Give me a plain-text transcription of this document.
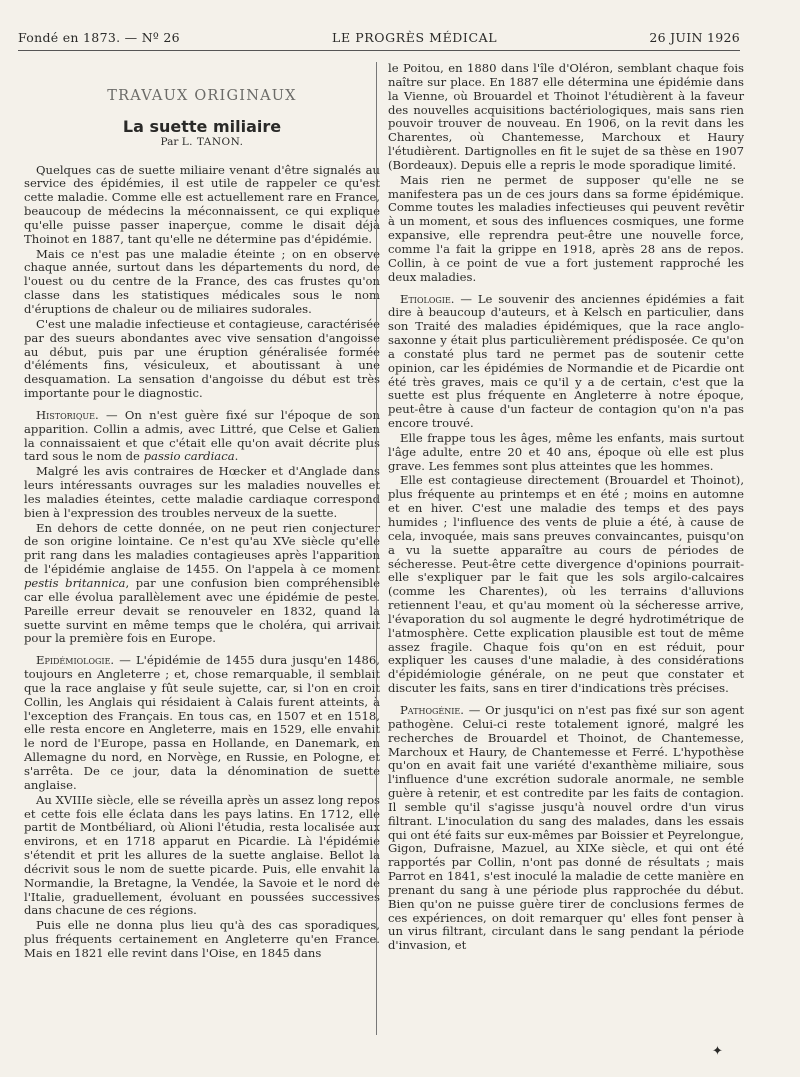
Fondé en 1873. — Nº 26	LE PROGRÈS MÉDICAL	26 JUIN 1926
TRAVAUX ORIGINAUX
La suette miliaire
Par L. TANON.

Quelques cas de suette miliaire venant d'être signalés au service des épidémies, il est utile de rappeler ce qu'est cette maladie. Comme elle est actuellement rare en France, beaucoup de médecins la méconnaissent, ce qui explique qu'elle puisse passer inaperçue, comme le disait déjà Thoinot en 1887, tant qu'elle ne détermine pas d'épidémie.

Mais ce n'est pas une maladie éteinte ; on en observe chaque année, surtout dans les départements du nord, de l'ouest ou du centre de la France, des cas frustes qu'on classe dans les statistiques médicales sous le nom d'éruptions de chaleur ou de miliaires sudorales.

C'est une maladie infectieuse et contagieuse, caractérisée par des sueurs abondantes avec vive sensation d'angoisse au début, puis par une éruption généralisée formée d'éléments fins, vésiculeux, et aboutissant à une desquamation. La sensation d'angoisse du début est très importante pour le diagnostic.

Historique. — On n'est guère fixé sur l'époque de son apparition. Collin a admis, avec Littré, que Celse et Galien la connaissaient et que c'était elle qu'on avait décrite plus tard sous le nom de passio cardiaca.

Malgré les avis contraires de Hœcker et d'Anglade dans leurs intéressants ouvrages sur les maladies nouvelles et les maladies éteintes, cette maladie cardiaque correspond bien à l'expression des troubles nerveux de la suette.

En dehors de cette donnée, on ne peut rien conjecturer de son origine lointaine. Ce n'est qu'au XVe siècle qu'elle prit rang dans les maladies contagieuses après l'apparition de l'épidémie anglaise de 1455. On l'appela à ce moment pestis britannica, par une confusion bien compréhensible car elle évolua parallèlement avec une épidémie de peste. Pareille erreur devait se renouveler en 1832, quand la suette survint en même temps que le choléra, qui arrivait pour la première fois en Europe.

Epidémiologie. — L'épidémie de 1455 dura jusqu'en 1486, toujours en Angleterre ; et, chose remarquable, il semblait que la race anglaise y fût seule sujette, car, si l'on en croit Collin, les Anglais qui résidaient à Calais furent atteints, à l'exception des Français. En tous cas, en 1507 et en 1518, elle resta encore en Angleterre, mais en 1529, elle envahit le nord de l'Europe, passa en Hollande, en Danemark, en Allemagne du nord, en Norvège, en Russie, en Pologne, et s'arrêta. De ce jour, data la dénomination de suette anglaise.

Au XVIIIe siècle, elle se réveilla après un assez long repos et cette fois elle éclata dans les pays latins. En 1712, elle partit de Montbéliard, où Alioni l'étudia, resta localisée aux environs, et en 1718 apparut en Picardie. Là l'épidémie s'étendit et prit les allures de la suette anglaise. Bellot la décrivit sous le nom de suette picarde. Puis, elle envahit la Normandie, la Bretagne, la Vendée, la Savoie et le nord de l'Italie, graduellement, évoluant en poussées successives dans chacune de ces régions.

Puis elle ne donna plus lieu qu'à des cas sporadiques, plus fréquents certainement en Angleterre qu'en France. Mais en 1821 elle revint dans l'Oise, en 1845 dans

le Poitou, en 1880 dans l'île d'Oléron, semblant chaque fois naître sur place. En 1887 elle détermina une épidémie dans la Vienne, où Brouardel et Thoinot l'étudièrent à la faveur des nouvelles acquisitions bactériologiques, mais sans rien pouvoir trouver de nouveau. En 1906, on la revit dans les Charentes, où Chantemesse, Marchoux et Haury l'étudièrent. Dartignolles en fit le sujet de sa thèse en 1907 (Bordeaux). Depuis elle a repris le mode sporadique limité.

Mais rien ne permet de supposer qu'elle ne se manifestera pas un de ces jours dans sa forme épidémique. Comme toutes les maladies infectieuses qui peuvent revêtir à un moment, et sous des influences cosmiques, une forme expansive, elle reprendra peut-être une nouvelle force, comme l'a fait la grippe en 1918, après 28 ans de repos. Collin, à ce point de vue a fort justement rapproché les deux maladies.

Etiologie. — Le souvenir des anciennes épidémies a fait dire à beaucoup d'auteurs, et à Kelsch en particulier, dans son Traité des maladies épidémiques, que la race anglo-saxonne y était plus particulièrement prédisposée. Ce qu'on a constaté plus tard ne permet pas de soutenir cette opinion, car les épidémies de Normandie et de Picardie ont été très graves, mais ce qu'il y a de certain, c'est que la suette est plus fréquente en Angleterre à notre époque, peut-être à cause d'un facteur de contagion qu'on n'a pas encore trouvé.

Elle frappe tous les âges, même les enfants, mais surtout l'âge adulte, entre 20 et 40 ans, époque où elle est plus grave. Les femmes sont plus atteintes que les hommes.

Elle est contagieuse directement (Brouardel et Thoinot), plus fréquente au printemps et en été ; moins en automne et en hiver. C'est une maladie des temps et des pays humides ; l'influence des vents de pluie a été, à cause de cela, invoquée, mais sans preuves convaincantes, puisqu'on a vu la suette apparaître au cours de périodes de sécheresse. Peut-être cette divergence d'opinions pourrait-elle s'expliquer par le fait que les sols argilo-calcaires (comme les Charentes), où les terrains d'alluvions retiennent l'eau, et qu'au moment où la sécheresse arrive, l'évaporation du sol augmente le degré hydrotimétrique de l'atmosphère. Cette explication plausible est tout de même assez fragile. Chaque fois qu'on en est réduit, pour expliquer les causes d'une maladie, à des considérations d'épidémiologie générale, on ne peut que constater et discuter les faits, sans en tirer d'indications très précises.

Pathogénie. — Or jusqu'ici on n'est pas fixé sur son agent pathogène. Celui-ci reste totalement ignoré, malgré les recherches de Brouardel et Thoinot, de Chantemesse, Marchoux et Haury, de Chantemesse et Ferré. L'hypothèse qu'on en avait fait une variété d'exanthème miliaire, sous l'influence d'une excrétion sudorale anormale, ne semble guère à retenir, et est contredite par les faits de contagion. Il semble qu'il s'agisse jusqu'à nouvel ordre d'un virus filtrant. L'inoculation du sang des malades, dans les essais qui ont été faits sur eux-mêmes par Boissier et Peyrelongue, Gigon, Dufraisne, Mazuel, au XIXe siècle, et qui ont été rapportés par Collin, n'ont pas donné de résultats ; mais Parrot en 1841, s'est inoculé la maladie de cette manière en prenant du sang à une période plus rapprochée du début. Bien qu'on ne puisse guère tirer de conclusions fermes de ces expériences, on doit remarquer qu' elles font penser à un virus filtrant, circulant dans le sang pendant la période d'invasion, et

✦
